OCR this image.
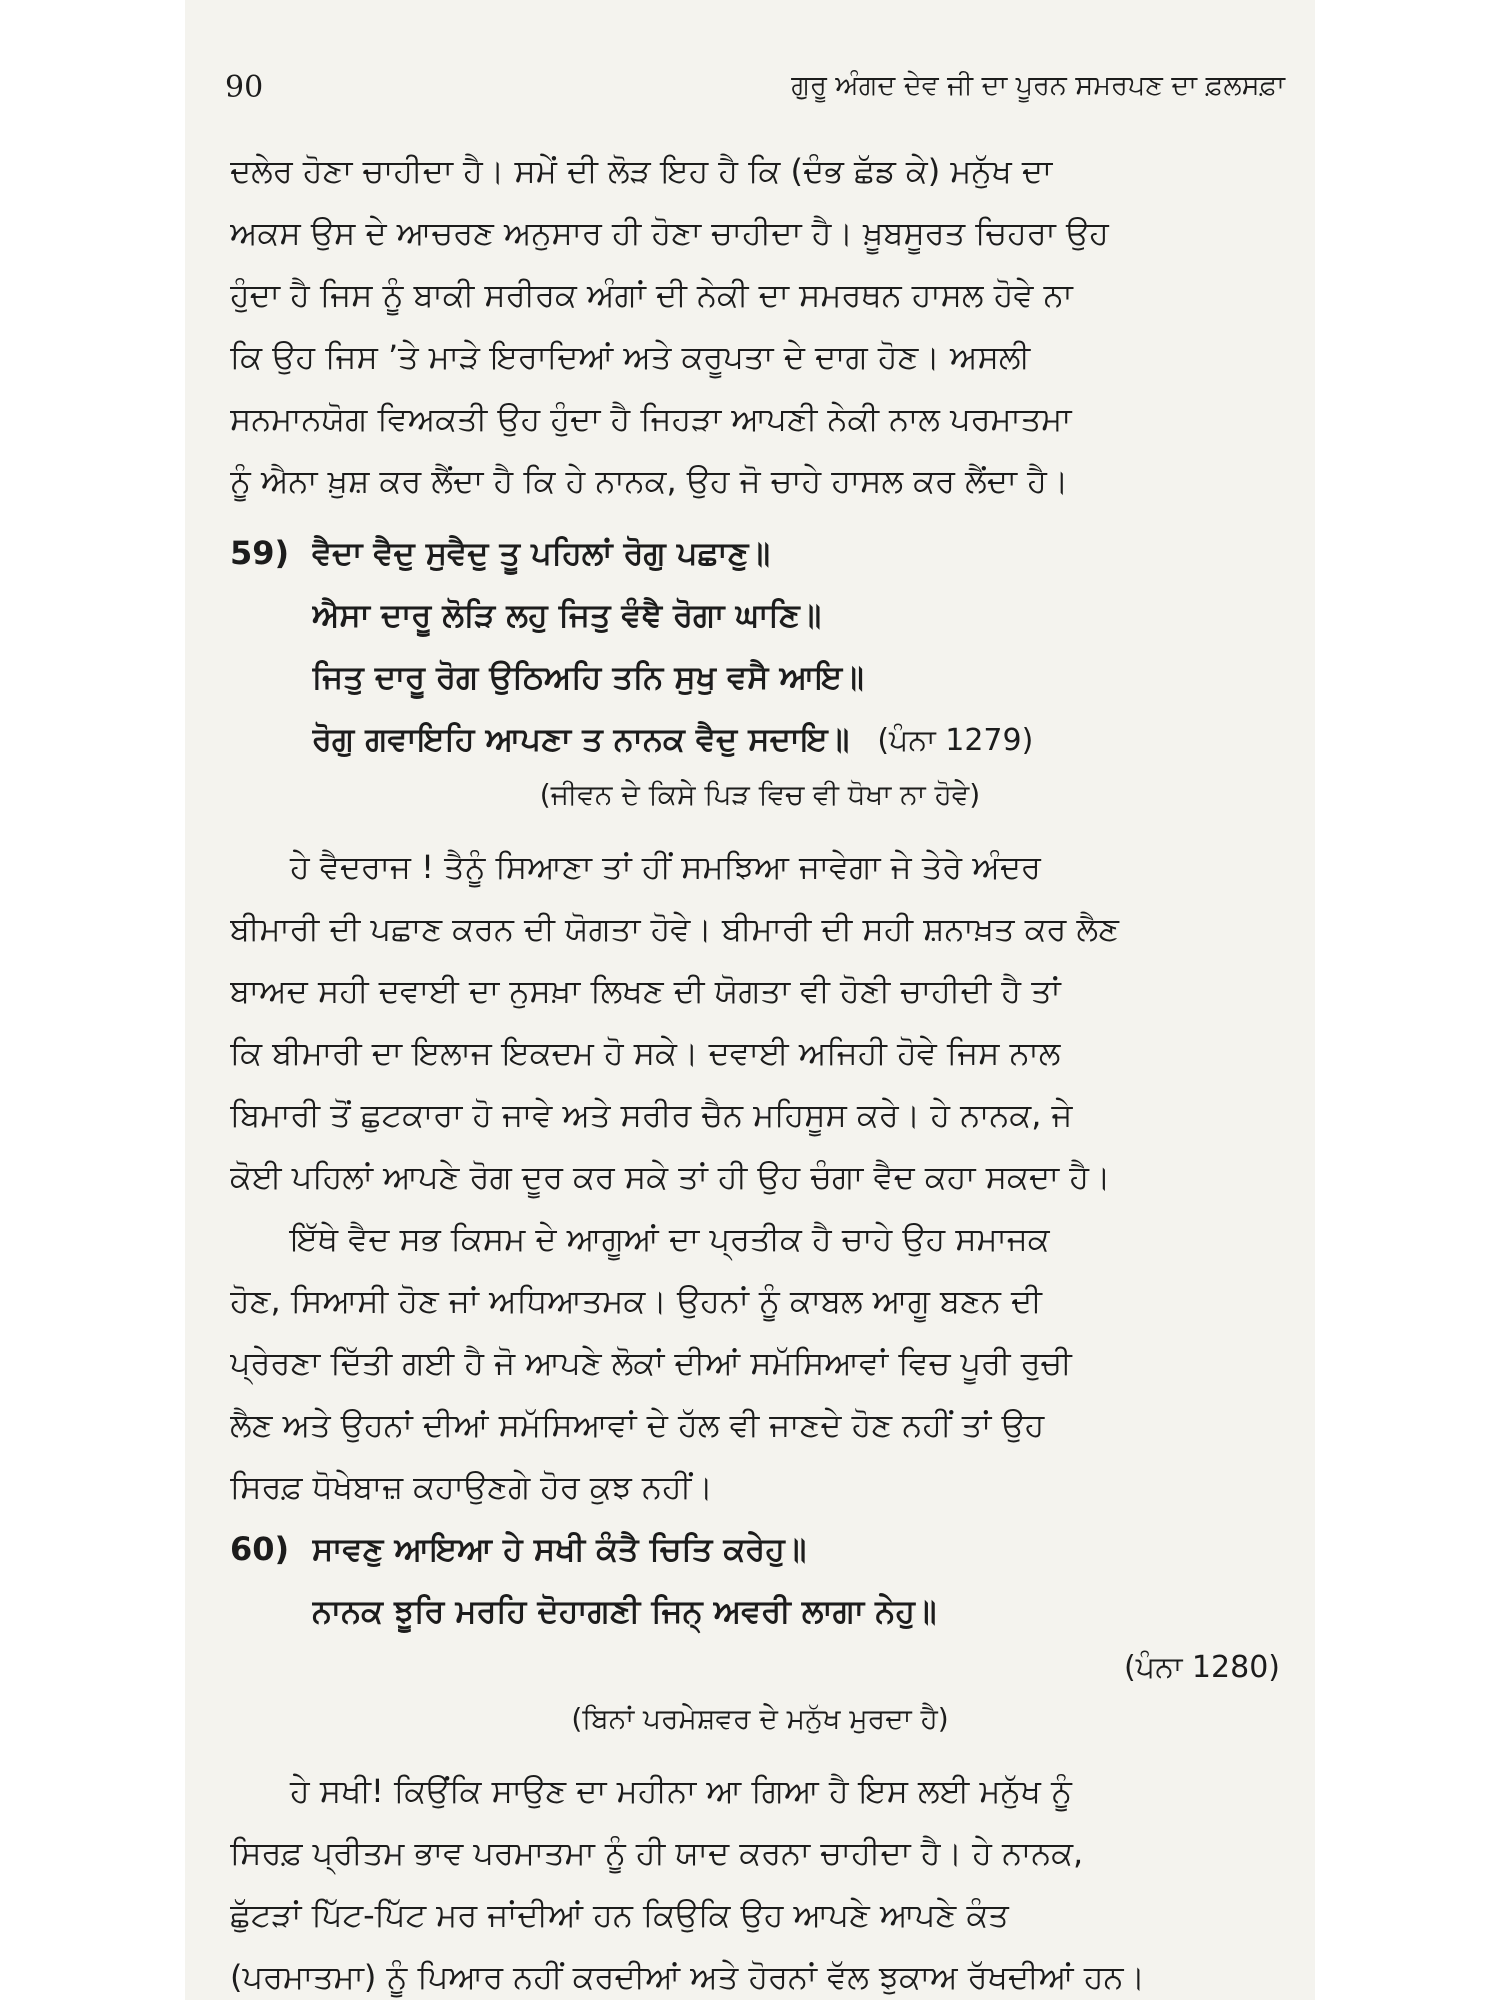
90	ਗੁਰੂ ਅੰਗਦ ਦੇਵ ਜੀ ਦਾ ਪੂਰਨ ਸਮਰਪਣ ਦਾ ਫ਼ਲਸਫ਼ਾ

ਦਲੇਰ ਹੋਣਾ ਚਾਹੀਦਾ ਹੈ। ਸਮੇਂ ਦੀ ਲੋੜ ਇਹ ਹੈ ਕਿ (ਦੰਭ ਛੱਡ ਕੇ) ਮਨੁੱਖ ਦਾ
ਅਕਸ ਉਸ ਦੇ ਆਚਰਣ ਅਨੁਸਾਰ ਹੀ ਹੋਣਾ ਚਾਹੀਦਾ ਹੈ। ਖ਼ੂਬਸੂਰਤ ਚਿਹਰਾ ਉਹ
ਹੁੰਦਾ ਹੈ ਜਿਸ ਨੂੰ ਬਾਕੀ ਸਰੀਰਕ ਅੰਗਾਂ ਦੀ ਨੇਕੀ ਦਾ ਸਮਰਥਨ ਹਾਸਲ ਹੋਵੇ ਨਾ
ਕਿ ਉਹ ਜਿਸ ’ਤੇ ਮਾੜੇ ਇਰਾਦਿਆਂ ਅਤੇ ਕਰੂਪਤਾ ਦੇ ਦਾਗ ਹੋਣ। ਅਸਲੀ
ਸਨਮਾਨਯੋਗ ਵਿਅਕਤੀ ਉਹ ਹੁੰਦਾ ਹੈ ਜਿਹੜਾ ਆਪਣੀ ਨੇਕੀ ਨਾਲ ਪਰਮਾਤਮਾ
ਨੂੰ ਐਨਾ ਖ਼ੁਸ਼ ਕਰ ਲੈਂਦਾ ਹੈ ਕਿ ਹੇ ਨਾਨਕ, ਉਹ ਜੋ ਚਾਹੇ ਹਾਸਲ ਕਰ ਲੈਂਦਾ ਹੈ।

59) ਵੈਦਾ ਵੈਦੁ ਸੁਵੈਦੁ ਤੂ ਪਹਿਲਾਂ ਰੋਗੁ ਪਛਾਣੁ॥
ਐਸਾ ਦਾਰੂ ਲੋੜਿ ਲਹੁ ਜਿਤੁ ਵੰਞੈ ਰੋਗਾ ਘਾਣਿ॥
ਜਿਤੁ ਦਾਰੂ ਰੋਗ ਉਠਿਅਹਿ ਤਨਿ ਸੁਖੁ ਵਸੈ ਆਇ॥
ਰੋਗੁ ਗਵਾਇਹਿ ਆਪਣਾ ਤ ਨਾਨਕ ਵੈਦੁ ਸਦਾਇ॥ (ਪੰਨਾ 1279)
(ਜੀਵਨ ਦੇ ਕਿਸੇ ਪਿੜ ਵਿਚ ਵੀ ਧੋਖਾ ਨਾ ਹੋਵੇ)

ਹੇ ਵੈਦਰਾਜ ! ਤੈਨੂੰ ਸਿਆਣਾ ਤਾਂ ਹੀਂ ਸਮਝਿਆ ਜਾਵੇਗਾ ਜੇ ਤੇਰੇ ਅੰਦਰ
ਬੀਮਾਰੀ ਦੀ ਪਛਾਣ ਕਰਨ ਦੀ ਯੋਗਤਾ ਹੋਵੇ। ਬੀਮਾਰੀ ਦੀ ਸਹੀ ਸ਼ਨਾਖ਼ਤ ਕਰ ਲੈਣ
ਬਾਅਦ ਸਹੀ ਦਵਾਈ ਦਾ ਨੁਸਖ਼ਾ ਲਿਖਣ ਦੀ ਯੋਗਤਾ ਵੀ ਹੋਣੀ ਚਾਹੀਦੀ ਹੈ ਤਾਂ
ਕਿ ਬੀਮਾਰੀ ਦਾ ਇਲਾਜ ਇਕਦਮ ਹੋ ਸਕੇ। ਦਵਾਈ ਅਜਿਹੀ ਹੋਵੇ ਜਿਸ ਨਾਲ
ਬਿਮਾਰੀ ਤੋਂ ਛੁਟਕਾਰਾ ਹੋ ਜਾਵੇ ਅਤੇ ਸਰੀਰ ਚੈਨ ਮਹਿਸੂਸ ਕਰੇ। ਹੇ ਨਾਨਕ, ਜੇ
ਕੋਈ ਪਹਿਲਾਂ ਆਪਣੇ ਰੋਗ ਦੂਰ ਕਰ ਸਕੇ ਤਾਂ ਹੀ ਉਹ ਚੰਗਾ ਵੈਦ ਕਹਾ ਸਕਦਾ ਹੈ।

ਇੱਥੇ ਵੈਦ ਸਭ ਕਿਸਮ ਦੇ ਆਗੂਆਂ ਦਾ ਪ੍ਰਤੀਕ ਹੈ ਚਾਹੇ ਉਹ ਸਮਾਜਕ
ਹੋਣ, ਸਿਆਸੀ ਹੋਣ ਜਾਂ ਅਧਿਆਤਮਕ। ਉਹਨਾਂ ਨੂੰ ਕਾਬਲ ਆਗੂ ਬਣਨ ਦੀ
ਪ੍ਰੇਰਣਾ ਦਿੱਤੀ ਗਈ ਹੈ ਜੋ ਆਪਣੇ ਲੋਕਾਂ ਦੀਆਂ ਸਮੱਸਿਆਵਾਂ ਵਿਚ ਪੂਰੀ ਰੁਚੀ
ਲੈਣ ਅਤੇ ਉਹਨਾਂ ਦੀਆਂ ਸਮੱਸਿਆਵਾਂ ਦੇ ਹੱਲ ਵੀ ਜਾਣਦੇ ਹੋਣ ਨਹੀਂ ਤਾਂ ਉਹ
ਸਿਰਫ਼ ਧੋਖੇਬਾਜ਼ ਕਹਾਉਣਗੇ ਹੋਰ ਕੁਝ ਨਹੀਂ।

60) ਸਾਵਣੁ ਆਇਆ ਹੇ ਸਖੀ ਕੰਤੈ ਚਿਤਿ ਕਰੇਹੁ॥
ਨਾਨਕ ਝੂਰਿ ਮਰਹਿ ਦੋਹਾਗਣੀ ਜਿਨ੍ ਅਵਰੀ ਲਾਗਾ ਨੇਹੁ॥
(ਪੰਨਾ 1280)
(ਬਿਨਾਂ ਪਰਮੇਸ਼ਵਰ ਦੇ ਮਨੁੱਖ ਮੁਰਦਾ ਹੈ)

ਹੇ ਸਖੀ! ਕਿਉਂਕਿ ਸਾਉਣ ਦਾ ਮਹੀਨਾ ਆ ਗਿਆ ਹੈ ਇਸ ਲਈ ਮਨੁੱਖ ਨੂੰ
ਸਿਰਫ਼ ਪ੍ਰੀਤਮ ਭਾਵ ਪਰਮਾਤਮਾ ਨੂੰ ਹੀ ਯਾਦ ਕਰਨਾ ਚਾਹੀਦਾ ਹੈ। ਹੇ ਨਾਨਕ,
ਛੁੱਟੜਾਂ ਪਿੱਟ-ਪਿੱਟ ਮਰ ਜਾਂਦੀਆਂ ਹਨ ਕਿਉਕਿ ਉਹ ਆਪਣੇ ਆਪਣੇ ਕੰਤ
(ਪਰਮਾਤਮਾ) ਨੂੰ ਪਿਆਰ ਨਹੀਂ ਕਰਦੀਆਂ ਅਤੇ ਹੋਰਨਾਂ ਵੱਲ ਝੁਕਾਅ ਰੱਖਦੀਆਂ ਹਨ।
